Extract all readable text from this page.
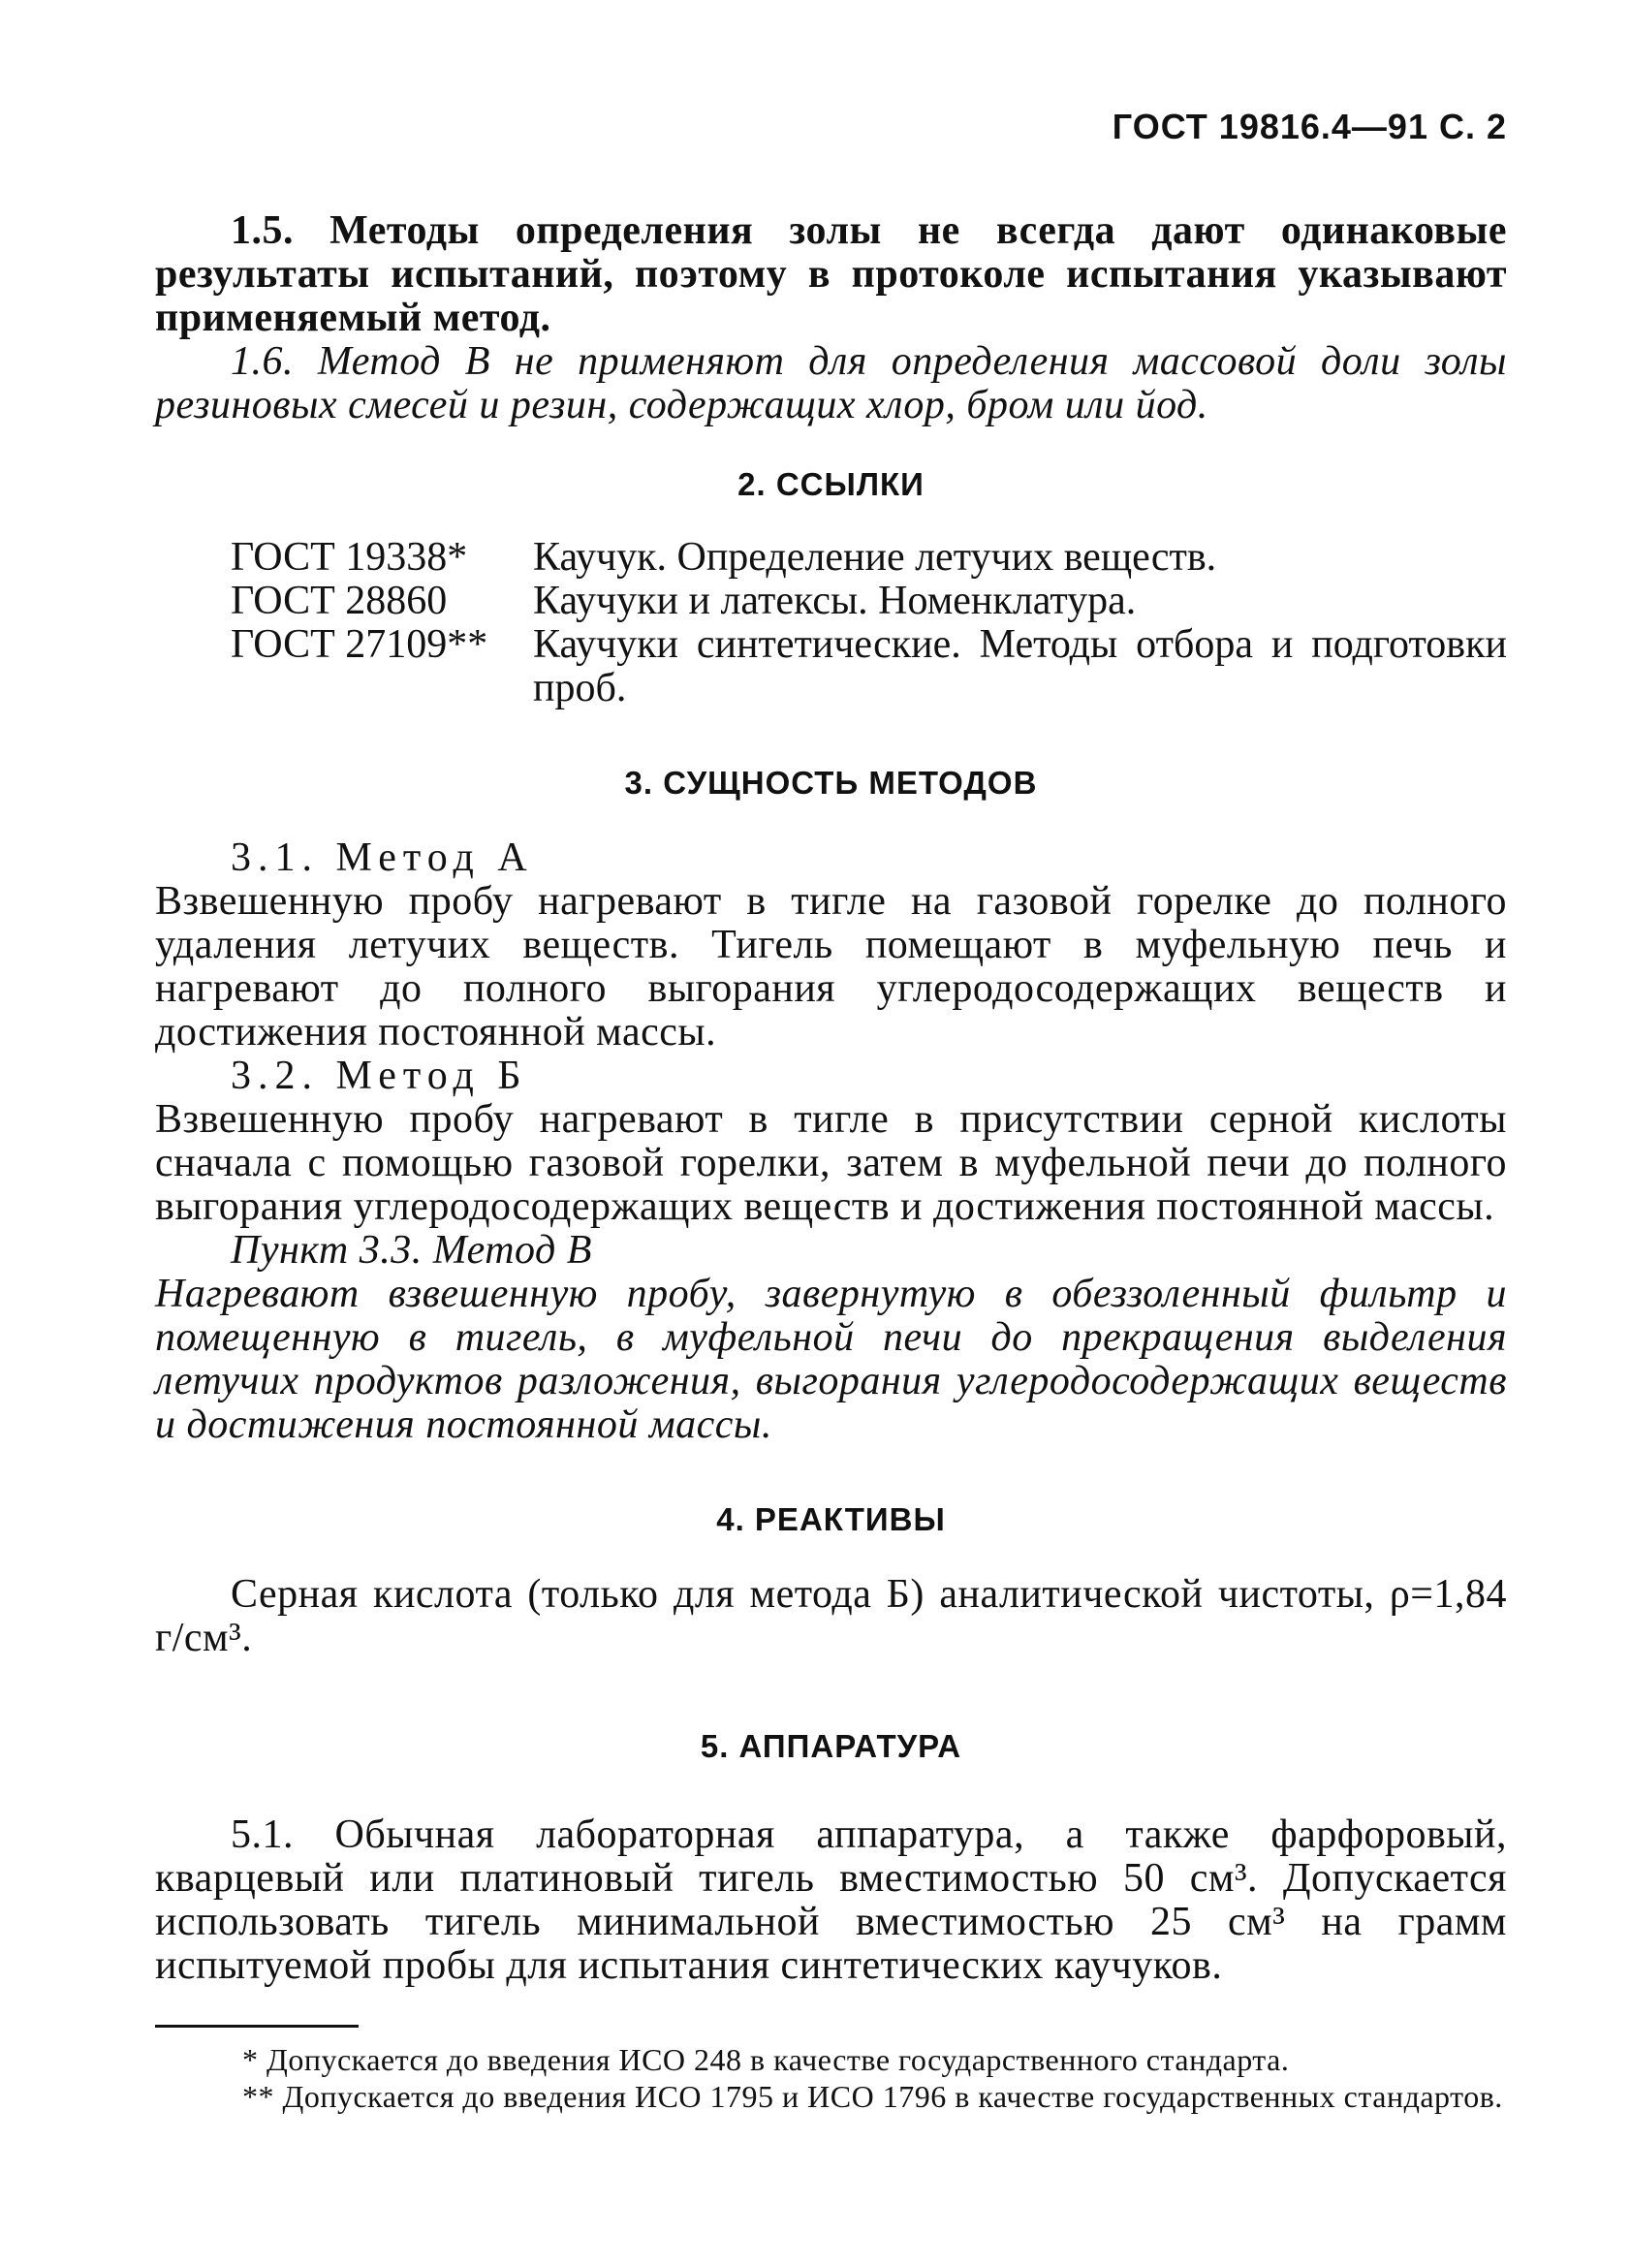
ГОСТ 19816.4—91 С. 2

1.5. Методы определения золы не всегда дают одинаковые результаты испытаний, поэтому в протоколе испытания указывают применяемый метод.

1.6. Метод В не применяют для определения массовой доли золы резиновых смесей и резин, содержащих хлор, бром или йод.

2. ССЫЛКИ

ГОСТ 19338*	Каучук. Определение летучих веществ.
ГОСТ 28860	Каучуки и латексы. Номенклатура.
ГОСТ 27109**	Каучуки синтетические. Методы отбора и подготовки проб.

3. СУЩНОСТЬ МЕТОДОВ

3.1. Метод А

Взвешенную пробу нагревают в тигле на газовой горелке до полного удаления летучих веществ. Тигель помещают в муфельную печь и нагревают до полного выгорания углеродосодержащих веществ и достижения постоянной массы.

3.2. Метод Б

Взвешенную пробу нагревают в тигле в присутствии серной кислоты сначала с помощью газовой горелки, затем в муфельной печи до полного выгорания углеродосодержащих веществ и достижения постоянной массы.

Пункт 3.3. Метод В

Нагревают взвешенную пробу, завернутую в обеззоленный фильтр и помещенную в тигель, в муфельной печи до прекращения выделения летучих продуктов разложения, выгорания углеродосодержащих веществ и достижения постоянной массы.

4. РЕАКТИВЫ

Серная кислота (только для метода Б) аналитической чистоты, ρ=1,84 г/см³.

5. АППАРАТУРА

5.1. Обычная лабораторная аппаратура, а также фарфоровый, кварцевый или платиновый тигель вместимостью 50 см³. Допускается использовать тигель минимальной вместимостью 25 см³ на грамм испытуемой пробы для испытания синтетических каучуков.

* Допускается до введения ИСО 248 в качестве государственного стандарта.

** Допускается до введения ИСО 1795 и ИСО 1796 в качестве государственных стандартов.
